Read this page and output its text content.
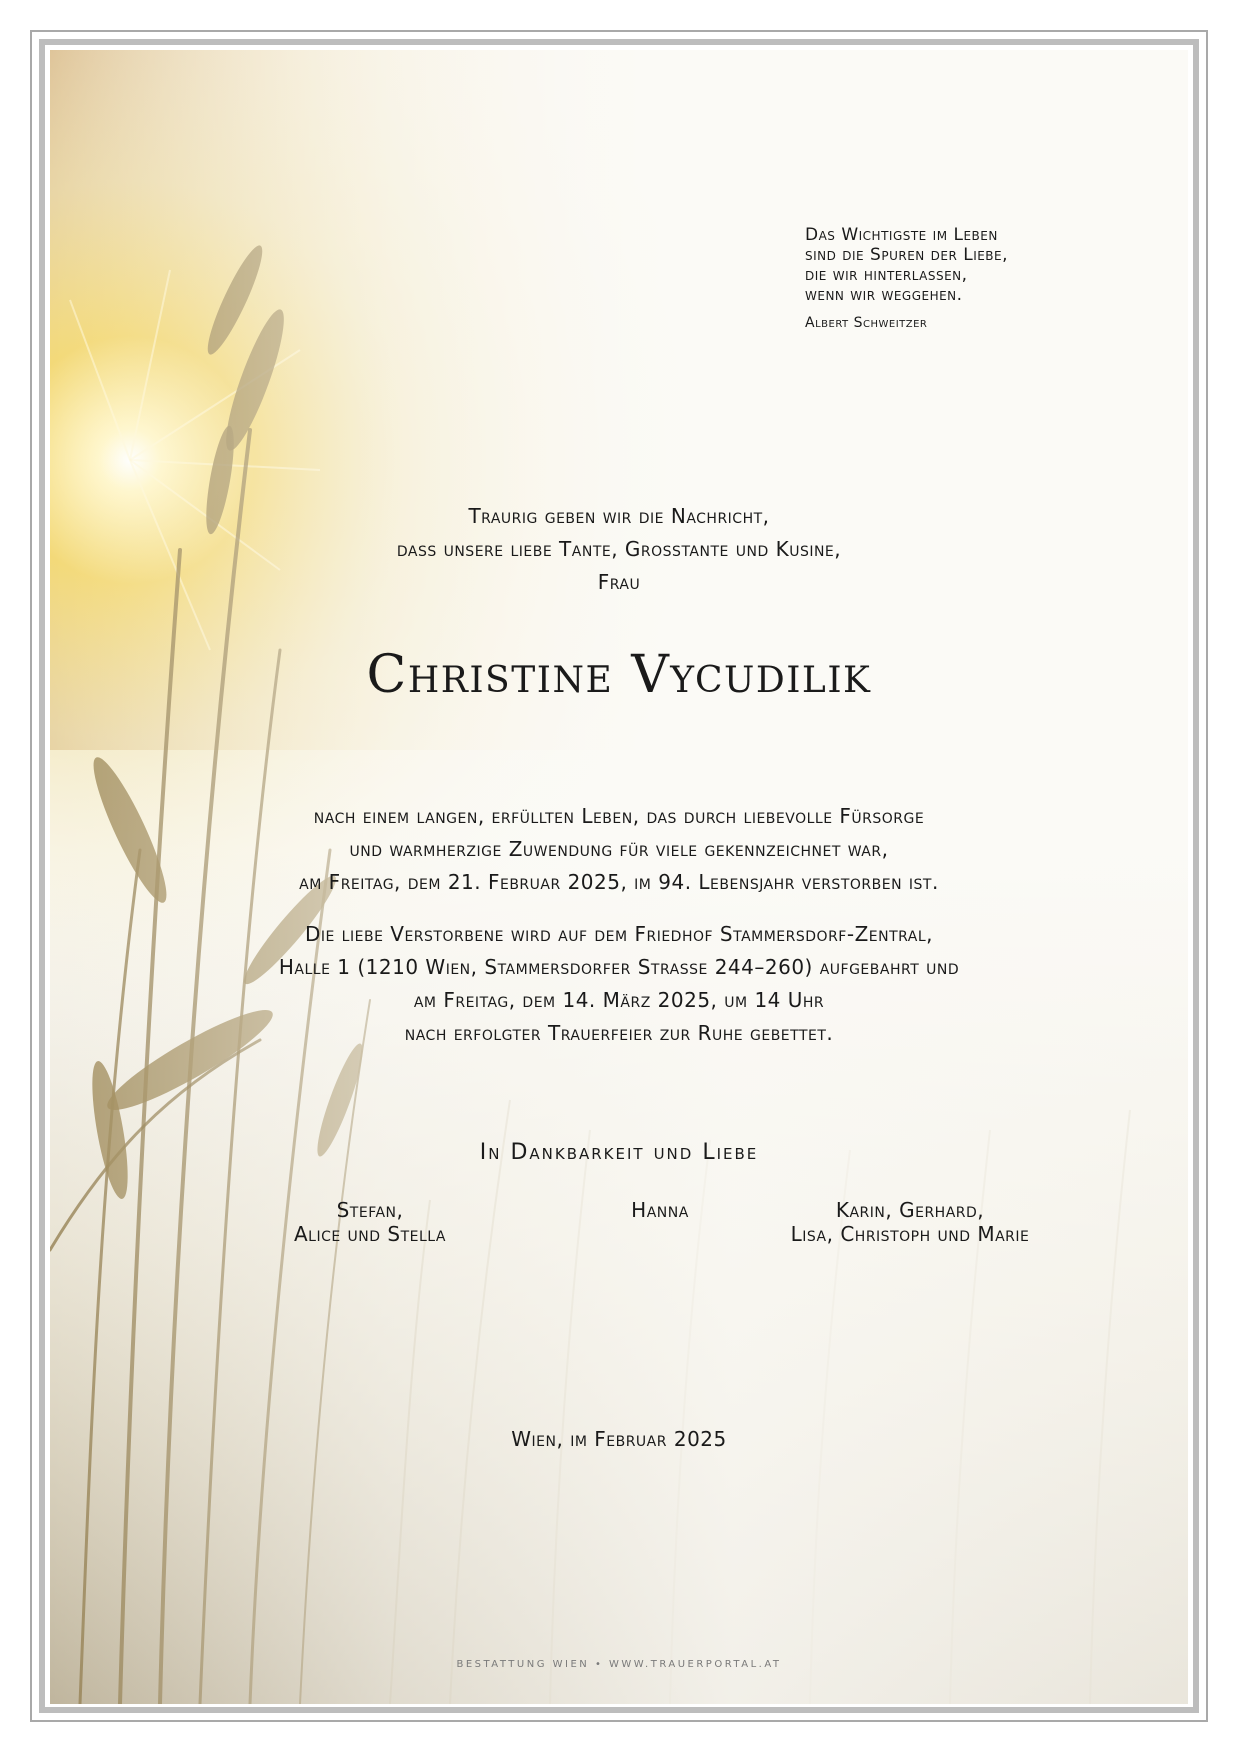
Das Wichtigste im Leben
sind die Spuren der Liebe,
die wir hinterlassen,
wenn wir weggehen.
Albert Schweitzer
Traurig geben wir die Nachricht,
dass unsere liebe Tante, Grosstante und Kusine,
Frau
Christine Vycudilik
nach einem langen, erfüllten Leben, das durch liebevolle Fürsorge
und warmherzige Zuwendung für viele gekennzeichnet war,
am Freitag, dem 21. Februar 2025, im 94. Lebensjahr verstorben ist.
Die liebe Verstorbene wird auf dem Friedhof Stammersdorf-Zentral,
Halle 1 (1210 Wien, Stammersdorfer Strasse 244–260) aufgebahrt und
am Freitag, dem 14. März 2025, um 14 Uhr
nach erfolgter Trauerfeier zur Ruhe gebettet.
In Dankbarkeit und Liebe
Stefan,
Alice und Stella
Hanna	Karin, Gerhard,
Lisa, Christoph und Marie
Wien, im Februar 2025
BESTATTUNG WIEN • WWW.TRAUERPORTAL.AT
